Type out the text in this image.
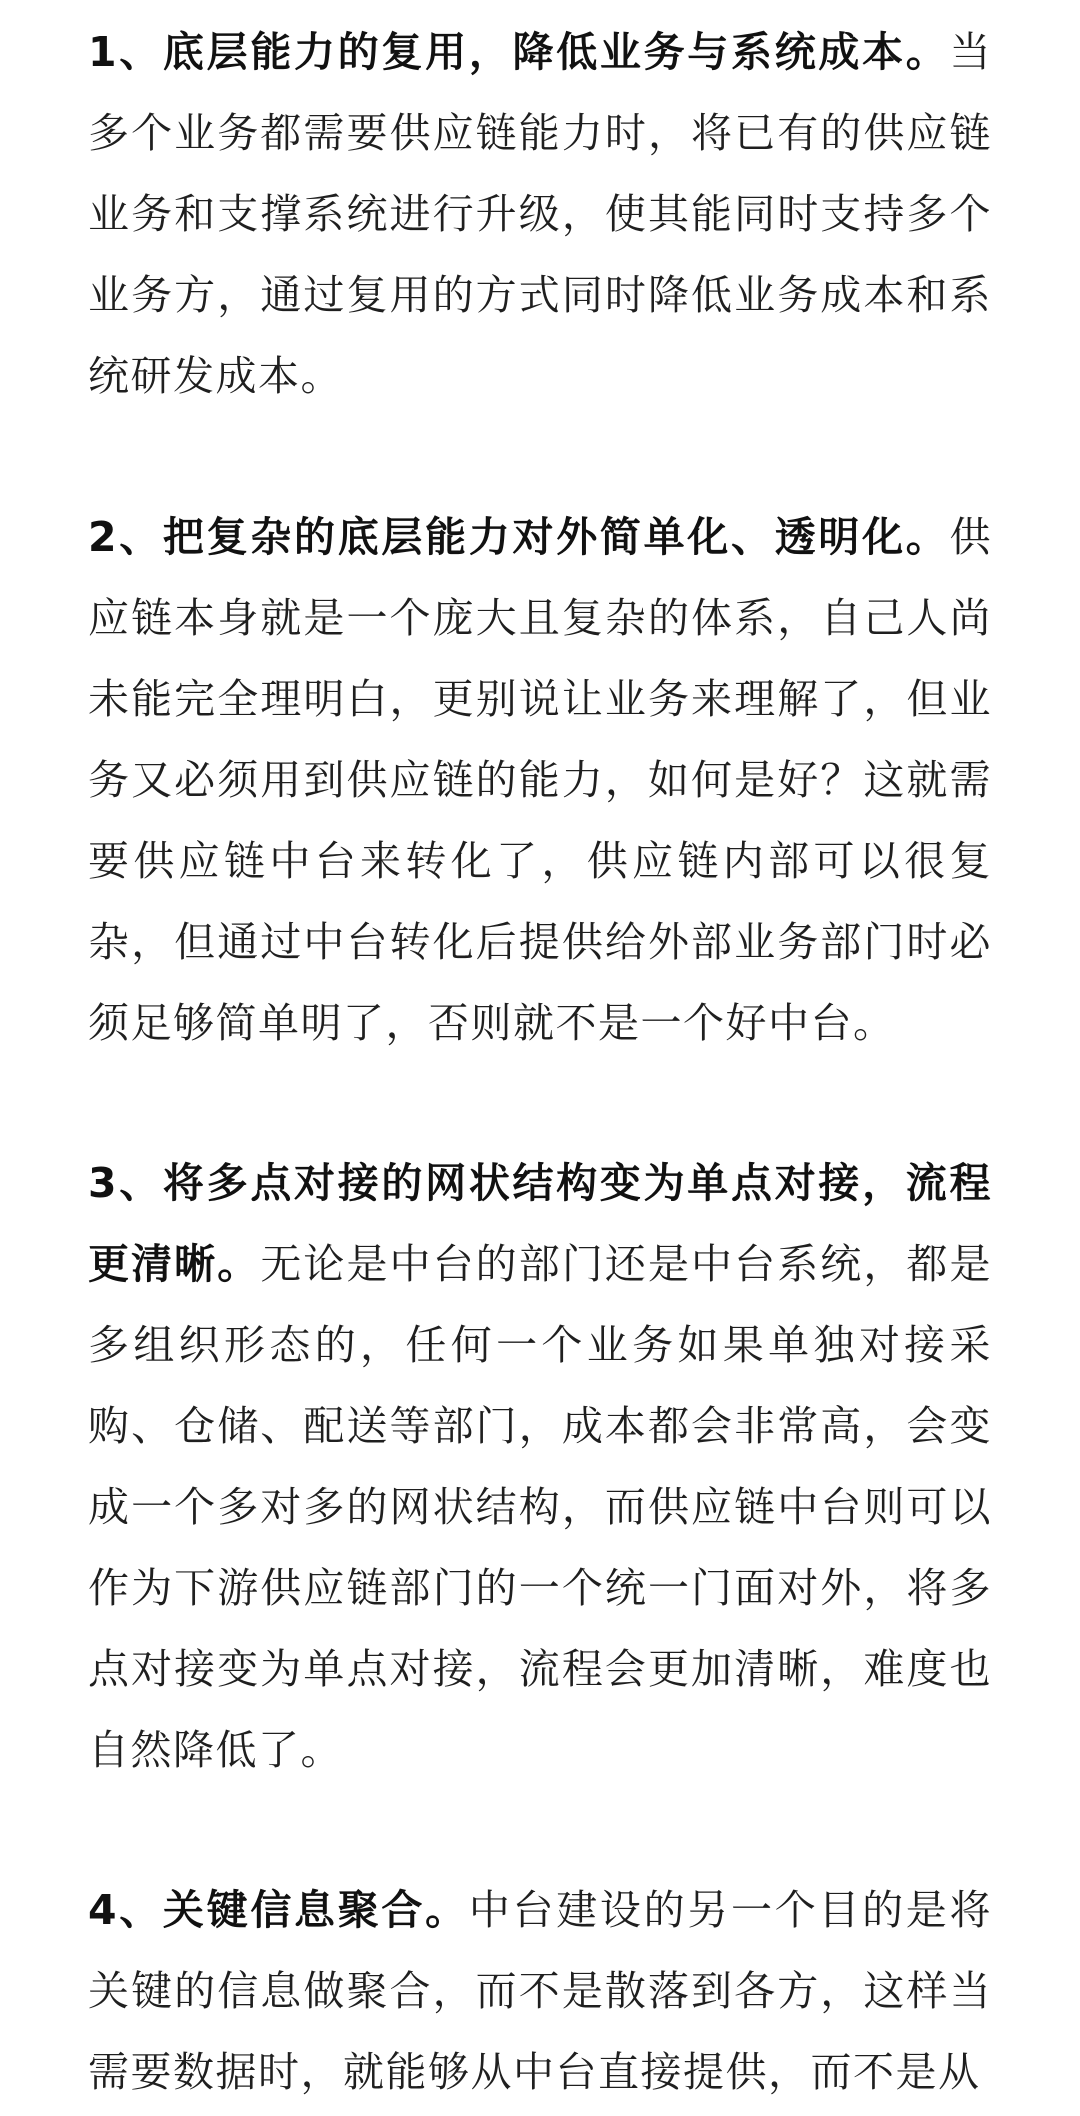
1、底层能力的复用，降低业务与系统成本。当多个业务都需要供应链能力时，将已有的供应链业务和支撑系统进行升级，使其能同时支持多个业务方，通过复用的方式同时降低业务成本和系统研发成本。

2、把复杂的底层能力对外简单化、透明化。供应链本身就是一个庞大且复杂的体系，自己人尚未能完全理明白，更别说让业务来理解了，但业务又必须用到供应链的能力，如何是好？这就需要供应链中台来转化了，供应链内部可以很复杂，但通过中台转化后提供给外部业务部门时必须足够简单明了，否则就不是一个好中台。

3、将多点对接的网状结构变为单点对接，流程更清晰。无论是中台的部门还是中台系统，都是多组织形态的，任何一个业务如果单独对接采购、仓储、配送等部门，成本都会非常高，会变成一个多对多的网状结构，而供应链中台则可以作为下游供应链部门的一个统一门面对外，将多点对接变为单点对接，流程会更加清晰，难度也自然降低了。

4、关键信息聚合。中台建设的另一个目的是将关键的信息做聚合，而不是散落到各方，这样当需要数据时，就能够从中台直接提供，而不是从
